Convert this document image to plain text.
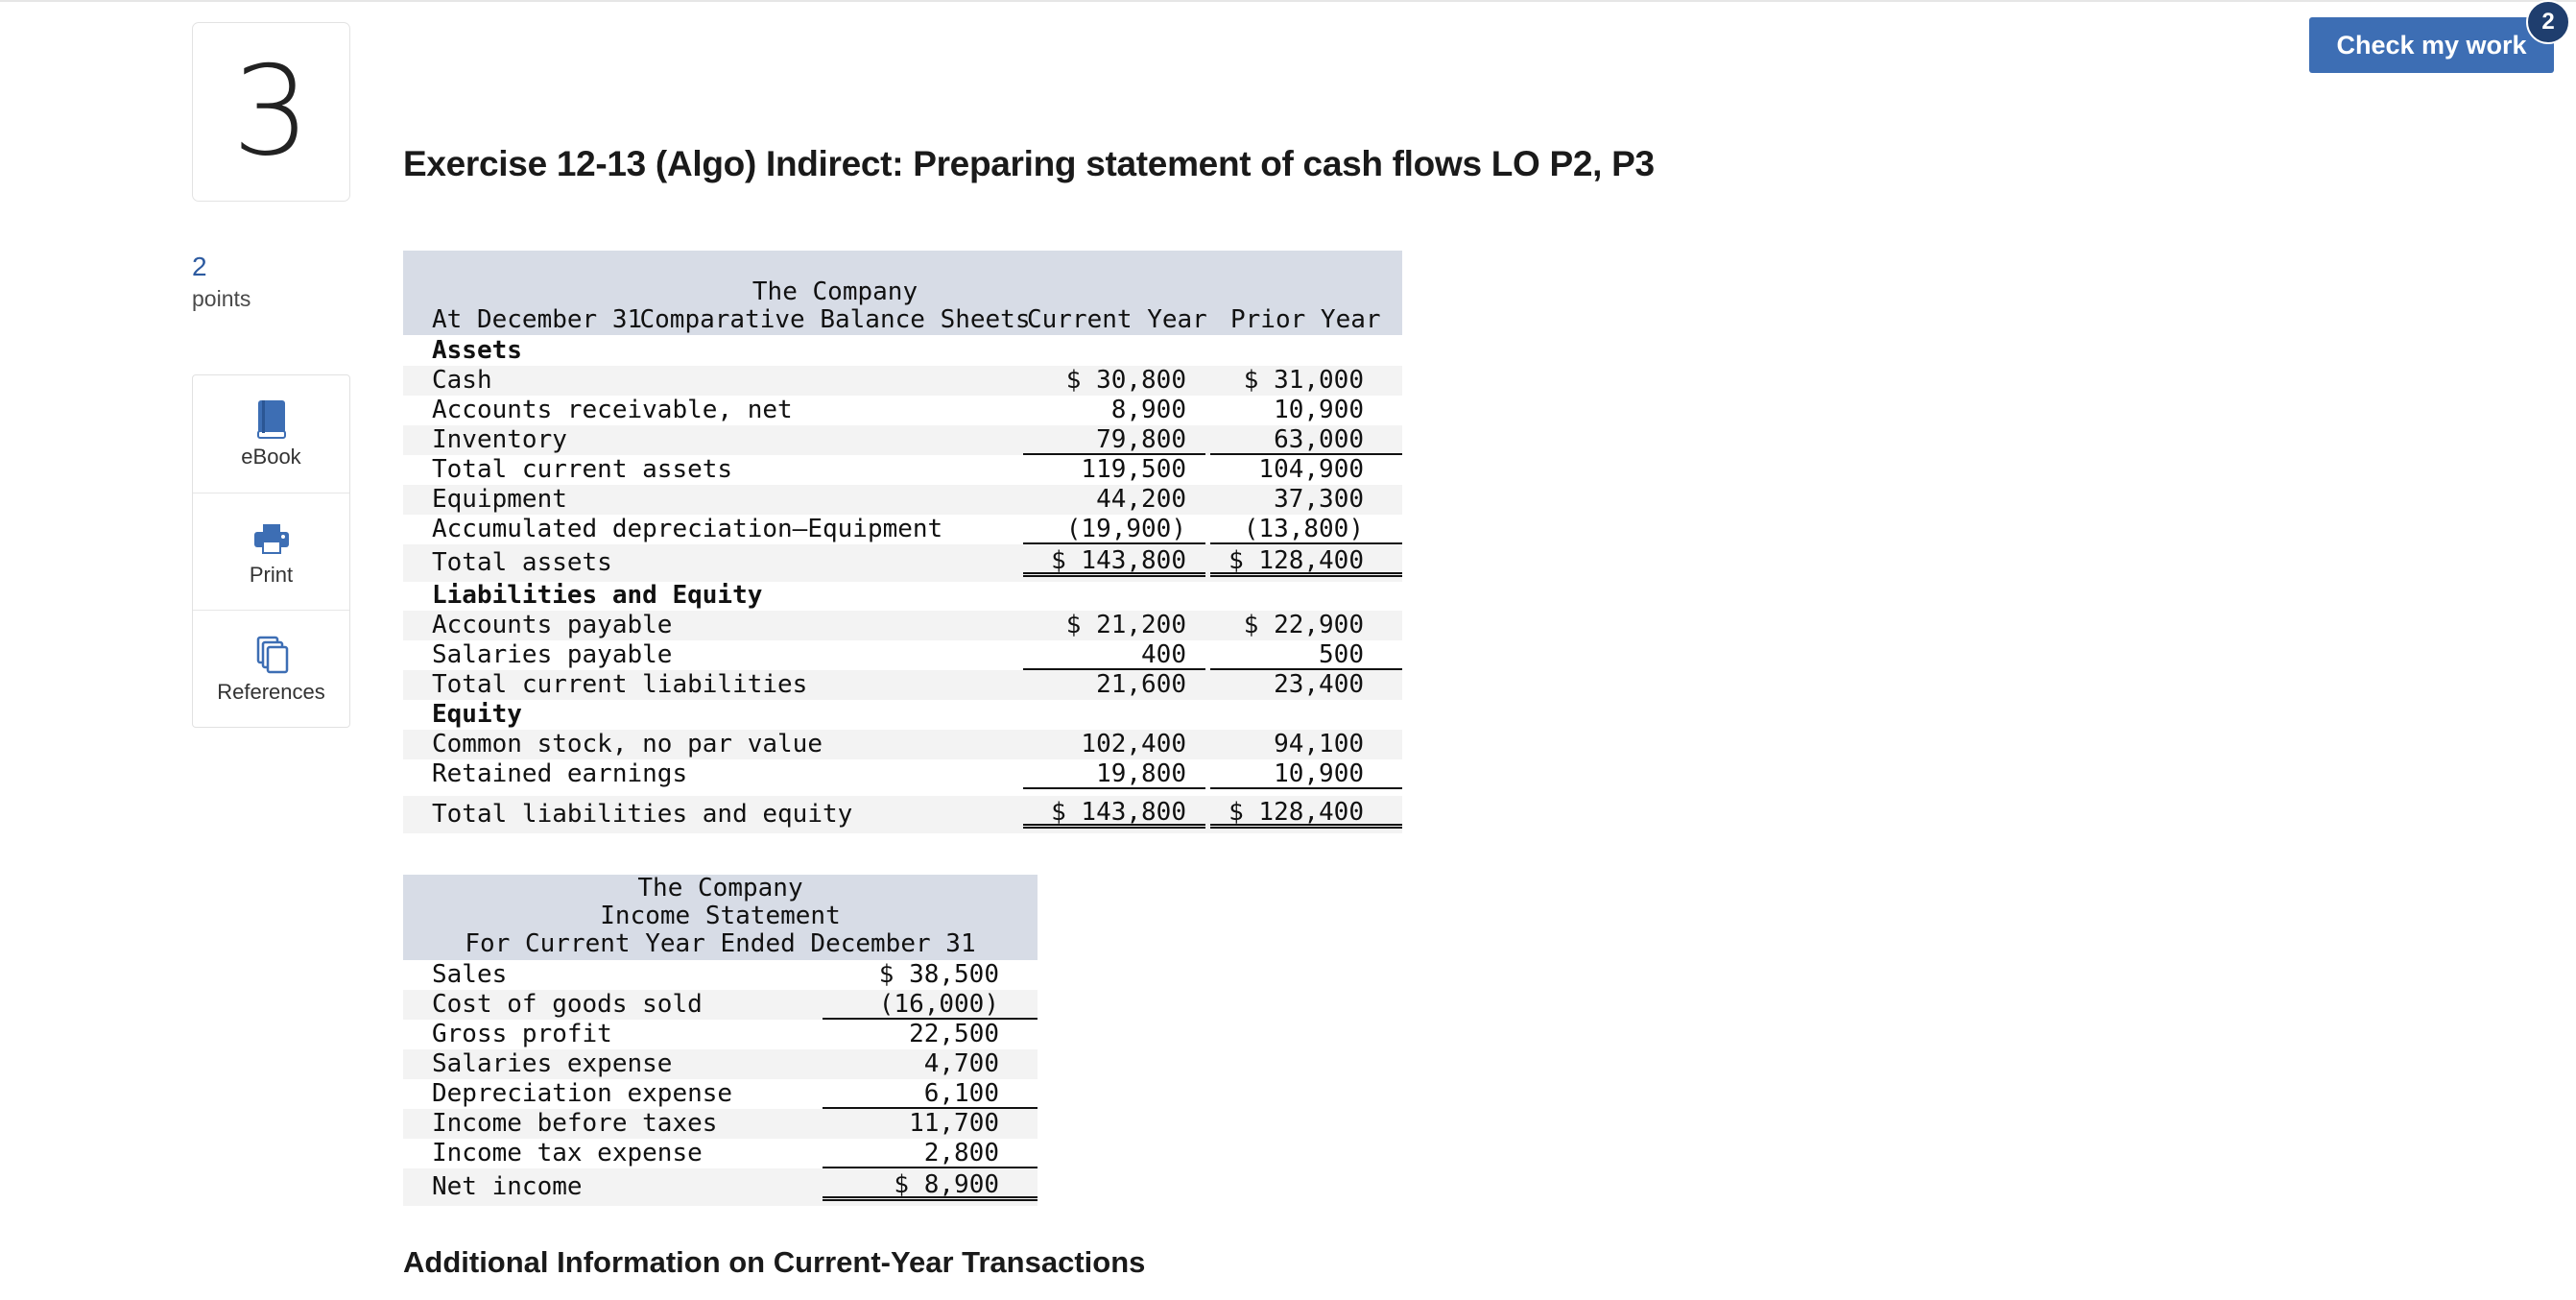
3
2
points
eBook
Print
References
Exercise 12-13 (Algo) Indirect: Preparing statement of cash flows LO P2, P3
Check my work
2

The Company

Comparative Balance Sheets

At December 31	Current Year Prior Year
Assets
Cash	$ 30,800	$ 31,000
Accounts receivable, net	8,900	10,900
Inventory	79,800	63,000
Total current assets	119,500	104,900
Equipment	44,200	37,300
Accumulated depreciation—Equipment	(19,900)	(13,800)
Total assets	$ 143,800	$ 128,400
Liabilities and Equity
Accounts payable	$ 21,200	$ 22,900
Salaries payable	400	500
Total current liabilities	21,600	23,400
Equity
Common stock, no par value	102,400	94,100
Retained earnings	19,800	10,900
Total liabilities and equity	$ 143,800	$ 128,400
The Company
Income Statement
For Current Year Ended December 31
Sales	$ 38,500
Cost of goods sold	(16,000)
Gross profit	22,500
Salaries expense	4,700
Depreciation expense	6,100
Income before taxes	11,700
Income tax expense	2,800
Net income	$ 8,900
Additional Information on Current-Year Transactions
